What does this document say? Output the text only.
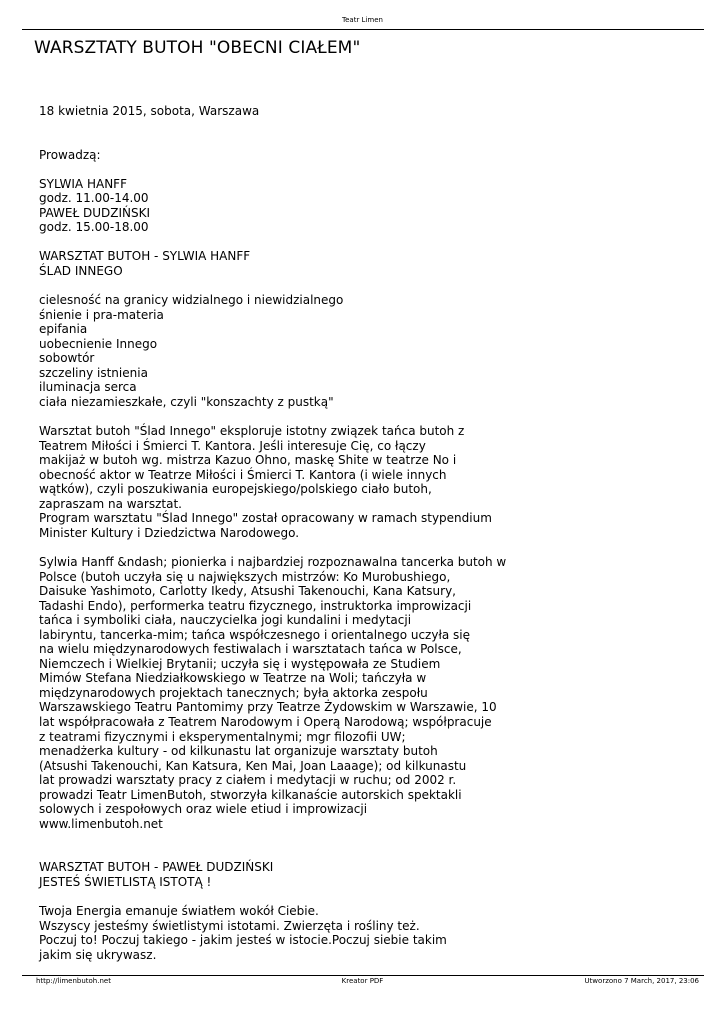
Teatr Limen
WARSZTATY BUTOH "OBECNI CIAŁEM"
18 kwietnia 2015, sobota, Warszawa
Prowadzą:
SYLWIA HANFF
godz. 11.00-14.00
PAWEŁ DUDZIŃSKI
godz. 15.00-18.00
WARSZTAT BUTOH - SYLWIA HANFF
ŚLAD INNEGO
cielesność na granicy widzialnego i niewidzialnego
śnienie i pra-materia
epifania
uobecnienie Innego
sobowtór
szczeliny istnienia
iluminacja serca
ciała niezamieszkałe, czyli "konszachty z pustką"
Warsztat butoh "Ślad Innego" eksploruje istotny związek tańca butoh z
Teatrem Miłości i Śmierci T. Kantora. Jeśli interesuje Cię, co łączy
makijaż w butoh wg. mistrza Kazuo Ohno, maskę Shite w teatrze No i
obecność aktor w Teatrze Miłości i Śmierci T. Kantora (i wiele innych
wątków), czyli poszukiwania europejskiego/polskiego ciało butoh,
zapraszam na warsztat.
Program warsztatu "Ślad Innego" został opracowany w ramach stypendium
Minister Kultury i Dziedzictwa Narodowego.
Sylwia Hanff &ndash; pionierka i najbardziej rozpoznawalna tancerka butoh w
Polsce (butoh uczyła się u największych mistrzów: Ko Murobushiego,
Daisuke Yashimoto, Carlotty Ikedy, Atsushi Takenouchi, Kana Katsury,
Tadashi Endo), performerka teatru fizycznego, instruktorka improwizacji
tańca i symboliki ciała, nauczycielka jogi kundalini i medytacji
labiryntu, tancerka-mim; tańca współczesnego i orientalnego uczyła się
na wielu międzynarodowych festiwalach i warsztatach tańca w Polsce,
Niemczech i Wielkiej Brytanii; uczyła się i występowała ze Studiem
Mimów Stefana Niedziałkowskiego w Teatrze na Woli; tańczyła w
międzynarodowych projektach tanecznych; była aktorka zespołu
Warszawskiego Teatru Pantomimy przy Teatrze Żydowskim w Warszawie, 10
lat współpracowała z Teatrem Narodowym i Operą Narodową; współpracuje
z teatrami fizycznymi i eksperymentalnymi; mgr filozofii UW;
menadżerka kultury - od kilkunastu lat organizuje warsztaty butoh
(Atsushi Takenouchi, Kan Katsura, Ken Mai, Joan Laaage); od kilkunastu
lat prowadzi warsztaty pracy z ciałem i medytacji w ruchu; od 2002 r.
prowadzi Teatr LimenButoh, stworzyła kilkanaście autorskich spektakli
solowych i zespołowych oraz wiele etiud i improwizacji
www.limenbutoh.net
WARSZTAT BUTOH - PAWEŁ DUDZIŃSKI
JESTEŚ ŚWIETLISTĄ ISTOTĄ !
Twoja Energia emanuje światłem wokół Ciebie.
Wszyscy jesteśmy świetlistymi istotami. Zwierzęta i rośliny też.
Poczuj to! Poczuj takiego - jakim jesteś w istocie.Poczuj siebie takim
jakim się ukrywasz.
http://limenbutoh.net	Kreator PDF	Utworzono 7 March, 2017, 23:06
